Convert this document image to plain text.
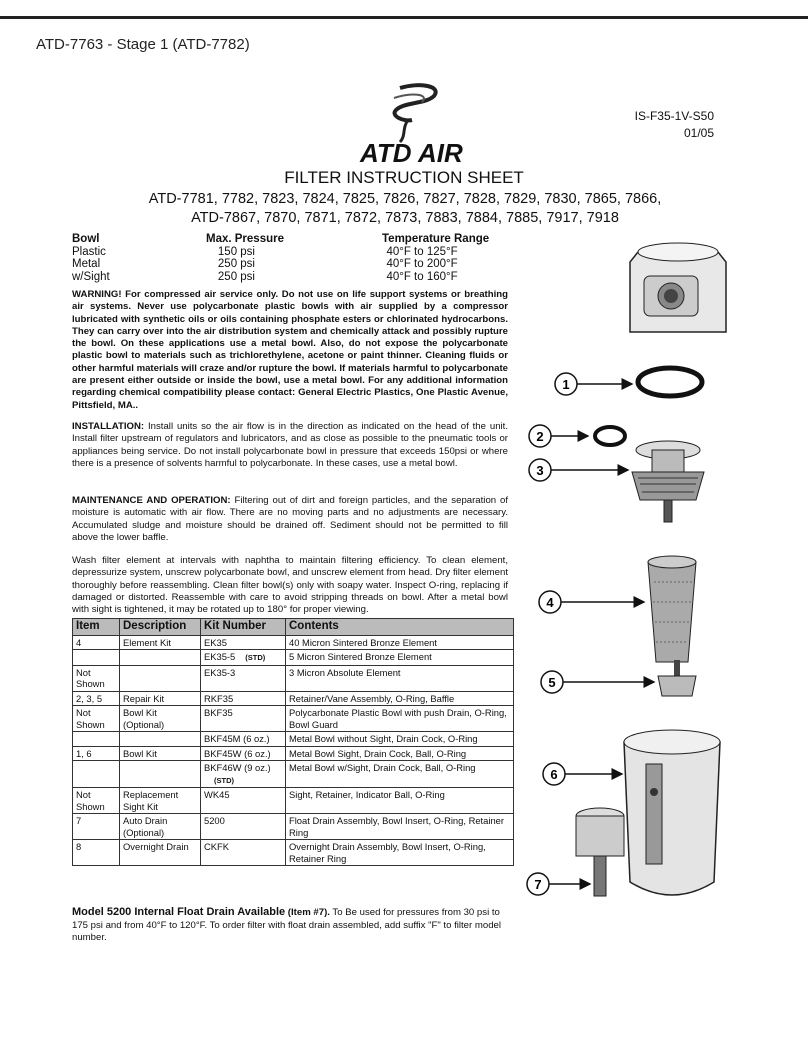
ATD-7763 - Stage 1 (ATD-7782)
ATD AIR
IS-F35-1V-S50
01/05
FILTER INSTRUCTION SHEET
ATD-7781, 7782, 7823, 7824, 7825, 7826, 7827, 7828, 7829, 7830, 7865, 7866,
ATD-7867, 7870, 7871, 7872, 7873, 7883, 7884, 7885, 7917, 7918
Bowl	Max. Pressure	Temperature Range
Plastic	150 psi	40°F to 125°F
Metal	250 psi	40°F to 200°F
w/Sight	250 psi	40°F to 160°F
WARNING! For compressed air service only. Do not use on life support systems or breathing air systems. Never use polycarbonate plastic bowls with air supplied by a compressor lubricated with synthetic oils or oils containing phosphate esters or chlorinated hydrocarbons. They can carry over into the air distribution system and chemically attack and possibly rupture the bowl. On these applications use a metal bowl. Also, do not expose the polycarbonate plastic bowl to materials such as trichlorethylene, acetone or paint thinner. Cleaning fluids or other harmful materials will craze and/or rupture the bowl. If materials harmful to polycarbonate are present either outside or inside the bowl, use a metal bowl. For any additional information regarding chemical compatibility please contact: General Electric Plastics, One Plastic Avenue, Pittsfield, MA..
INSTALLATION: Install units so the air flow is in the direction as indicated on the head of the unit. Install filter upstream of regulators and lubricators, and as close as possible to the pneumatic tools or appliances being service. Do not install polycarbonate bowl in pressure that exceeds 150psi or where there is a presence of solvents harmful to polycarbonate. In these cases, use a metal bowl.
MAINTENANCE AND OPERATION: Filtering out of dirt and foreign particles, and the separation of moisture is automatic with air flow. There are no moving parts and no adjustments are necessary. Accumulated sludge and moisture should be drained off. Sediment should not be permitted to fill above the lower baffle.
Wash filter element at intervals with naphtha to maintain filtering efficiency. To clean element, depressurize system, unscrew polycarbonate bowl, and unscrew element from head. Dry filter element thoroughly before reassembling. Clean filter bowl(s) only with soapy water. Inspect O-ring, replacing if damaged or distorted. Reassemble with care to avoid stripping threads on bowl. After a metal bowl with sight is tightened, it may be rotated up to 180° for proper viewing.
Item	Description	Kit Number	Contents
4	Element Kit	EK35	40 Micron Sintered Bronze Element
		EK35-5 (STD)	5 Micron Sintered Bronze Element
Not Shown		EK35-3	3 Micron Absolute Element
2, 3, 5	Repair Kit	RKF35	Retainer/Vane Assembly, O-Ring, Baffle
Not Shown	Bowl Kit (Optional)	BKF35	Polycarbonate Plastic Bowl with push Drain, O-Ring, Bowl Guard
		BKF45M (6 oz.)	Metal Bowl without Sight, Drain Cock, O-Ring
1, 6	Bowl Kit	BKF45W (6 oz.)	Metal Bowl Sight, Drain Cock, Ball, O-Ring
		BKF46W (9 oz.)(STD)	Metal Bowl w/Sight, Drain Cock, Ball, O-Ring
Not Shown	Replacement Sight Kit	WK45	Sight, Retainer, Indicator Ball, O-Ring
7	Auto Drain (Optional)	5200	Float Drain Assembly, Bowl Insert, O-Ring, Retainer Ring
8	Overnight Drain	CKFK	Overnight Drain Assembly, Bowl Insert, O-Ring, Retainer Ring
Model 5200 Internal Float Drain Available (Item #7). To Be used for pressures from 30 psi to 175 psi and from 40°F to 120°F. To order filter with float drain assembled, add suffix "F" to filter model number.
1
2
3
4
5
6
7
